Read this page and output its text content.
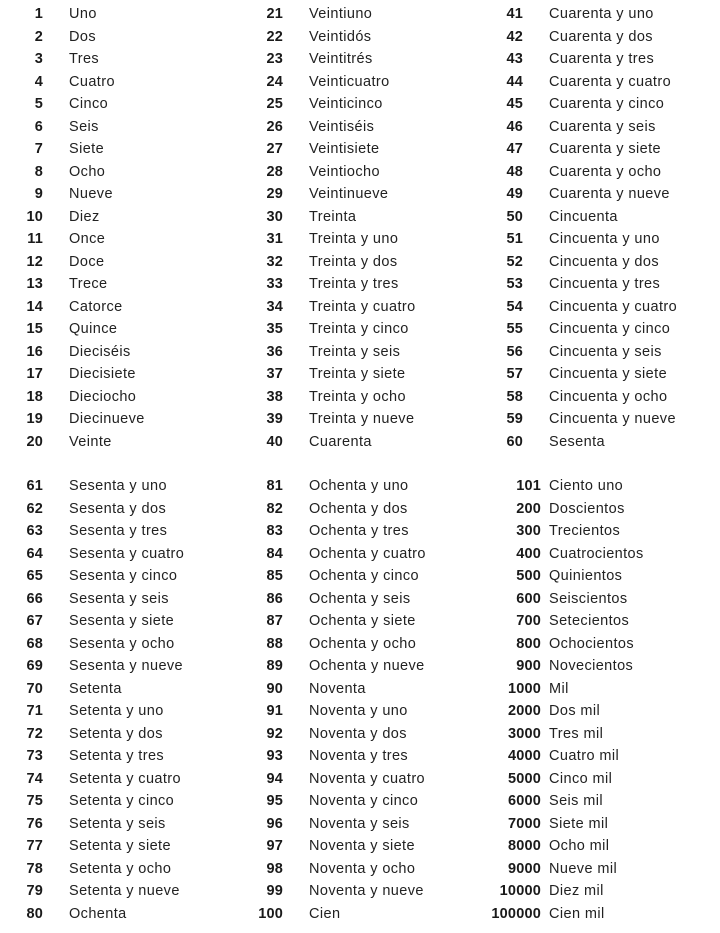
1 Uno	21 Veintiuno	41 Cuarenta y uno
2 Dos	22 Veintidós	42 Cuarenta y dos
3 Tres	23 Veintitrés	43 Cuarenta y tres
4 Cuatro	24 Veinticuatro	44 Cuarenta y cuatro
5 Cinco	25 Veinticinco	45 Cuarenta y cinco
6 Seis	26 Veintiséis	46 Cuarenta y seis
7 Siete	27 Veintisiete	47 Cuarenta y siete
8 Ocho	28 Veintiocho	48 Cuarenta y ocho
9 Nueve	29 Veintinueve	49 Cuarenta y nueve
10 Diez	30 Treinta	50 Cincuenta
11 Once	31 Treinta y uno	51 Cincuenta y uno
12 Doce	32 Treinta y dos	52 Cincuenta y dos
13 Trece	33 Treinta y tres	53 Cincuenta y tres
14 Catorce	34 Treinta y cuatro	54 Cincuenta y cuatro
15 Quince	35 Treinta y cinco	55 Cincuenta y cinco
16 Dieciséis	36 Treinta y seis	56 Cincuenta y seis
17 Diecisiete	37 Treinta y siete	57 Cincuenta y siete
18 Dieciocho	38 Treinta y ocho	58 Cincuenta y ocho
19 Diecinueve	39 Treinta y nueve	59 Cincuenta y nueve
20 Veinte	40 Cuarenta	60 Sesenta
61 Sesenta y uno	81 Ochenta y uno	101 Ciento uno
62 Sesenta y dos	82 Ochenta y dos	200 Doscientos
63 Sesenta y tres	83 Ochenta y tres	300 Trecientos
64 Sesenta y cuatro	84 Ochenta y cuatro	400 Cuatrocientos
65 Sesenta y cinco	85 Ochenta y cinco	500 Quinientos
66 Sesenta y seis	86 Ochenta y seis	600 Seiscientos
67 Sesenta y siete	87 Ochenta y siete	700 Setecientos
68 Sesenta y ocho	88 Ochenta y ocho	800 Ochocientos
69 Sesenta y nueve	89 Ochenta y nueve	900 Novecientos
70 Setenta	90 Noventa	1000 Mil
71 Setenta y uno	91 Noventa y uno	2000 Dos mil
72 Setenta y dos	92 Noventa y dos	3000 Tres mil
73 Setenta y tres	93 Noventa y tres	4000 Cuatro mil
74 Setenta y cuatro	94 Noventa y cuatro	5000 Cinco mil
75 Setenta y cinco	95 Noventa y cinco	6000 Seis mil
76 Setenta y seis	96 Noventa y seis	7000 Siete mil
77 Setenta y siete	97 Noventa y siete	8000 Ocho mil
78 Setenta y ocho	98 Noventa y ocho	9000 Nueve mil
79 Setenta y nueve	99 Noventa y nueve	10000 Diez mil
80 Ochenta	100 Cien	100000 Cien mil
